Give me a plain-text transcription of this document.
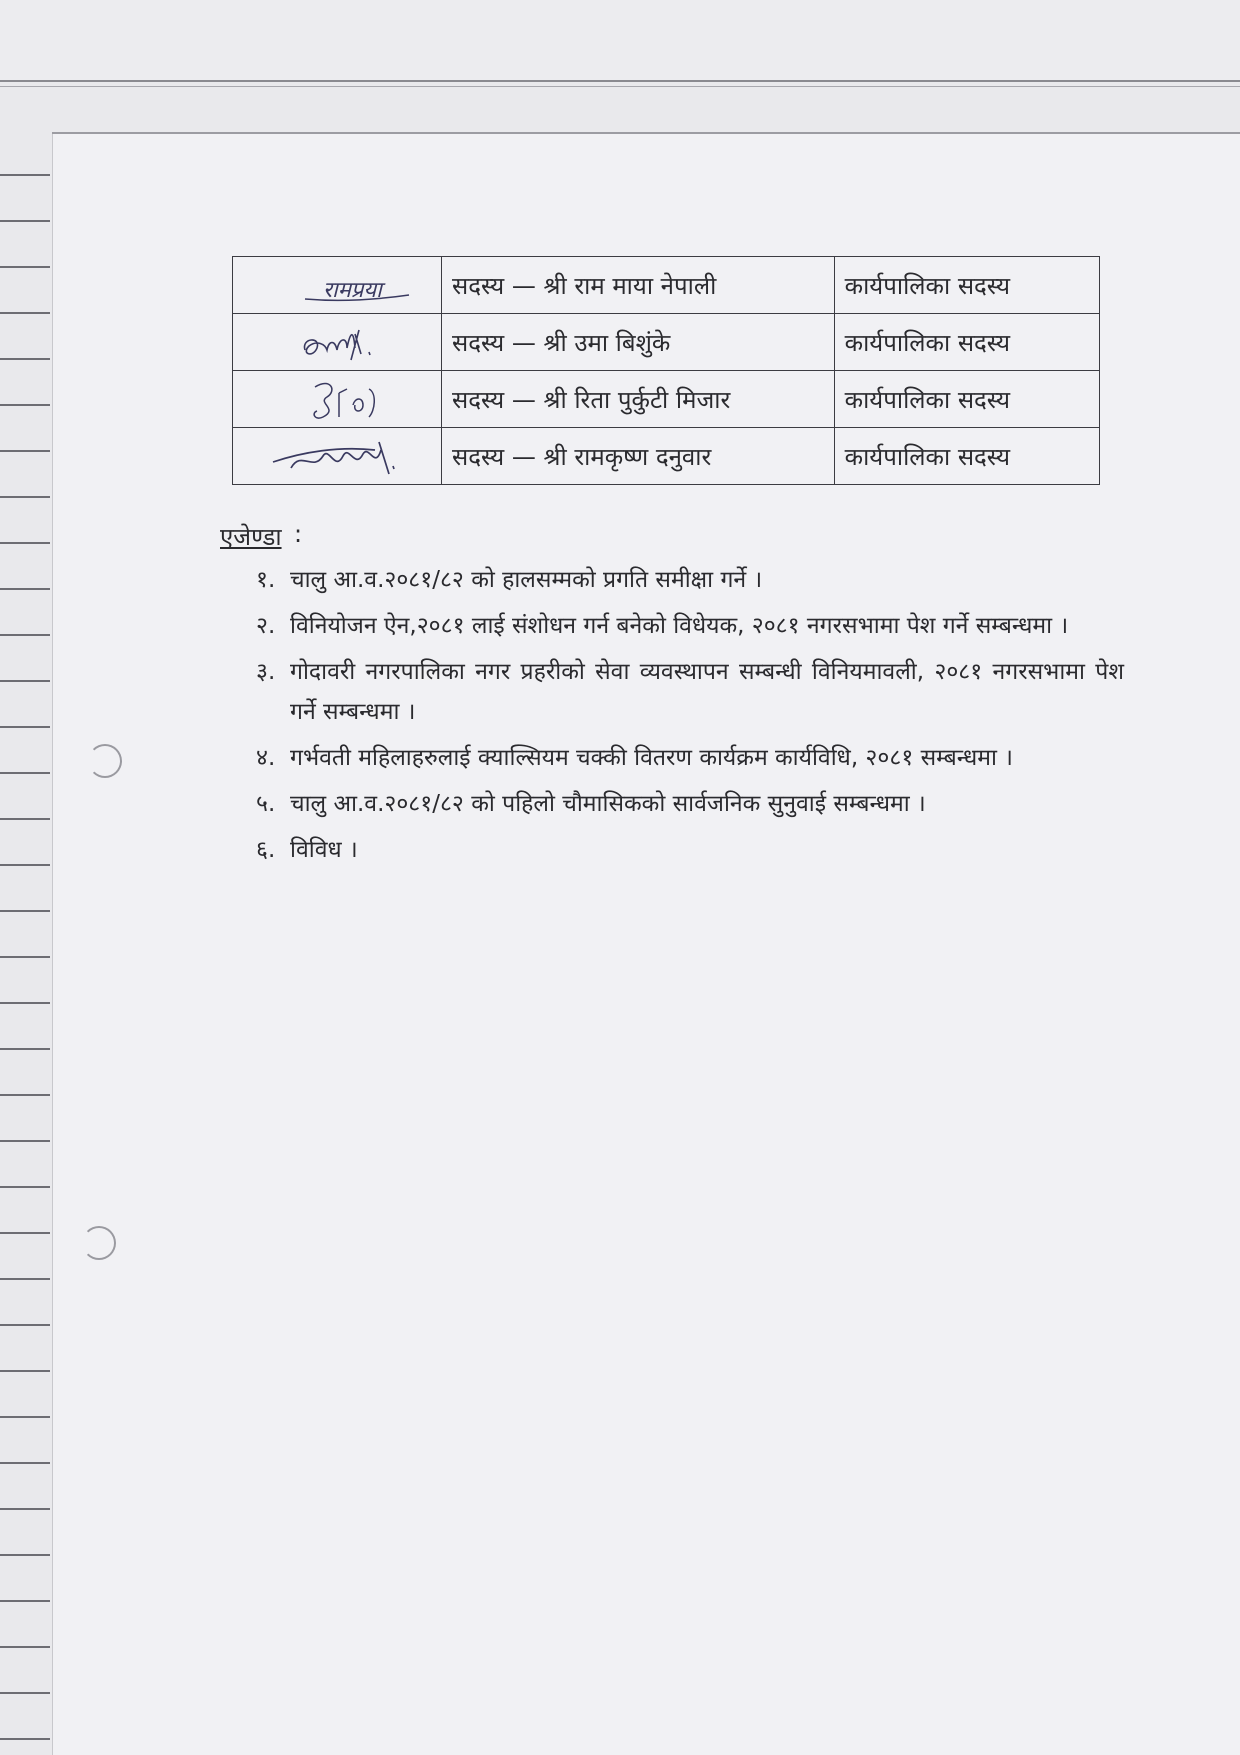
रामप्रया	सदस्य — श्री राम माया नेपाली	कार्यपालिका सदस्य

	सदस्य — श्री उमा बिशुंके	कार्यपालिका सदस्य

	सदस्य — श्री रिता पुर्कुटी मिजार	कार्यपालिका सदस्य

	सदस्य — श्री रामकृष्ण दनुवार	कार्यपालिका सदस्य
एजेण्डा :
१. चालु आ.व.२०८१/८२ को हालसम्मको प्रगति समीक्षा गर्ने ।
२. विनियोजन ऐन,२०८१ लाई संशोधन गर्न बनेको विधेयक, २०८१ नगरसभामा पेश गर्ने सम्बन्धमा ।
३. गोदावरी नगरपालिका नगर प्रहरीको सेवा व्यवस्थापन सम्बन्धी विनियमावली, २०८१ नगरसभामा पेश गर्ने सम्बन्धमा ।
४. गर्भवती महिलाहरुलाई क्याल्सियम चक्की वितरण कार्यक्रम कार्यविधि, २०८१ सम्बन्धमा ।
५. चालु आ.व.२०८१/८२ को पहिलो चौमासिकको सार्वजनिक सुनुवाई सम्बन्धमा ।
६. विविध ।
